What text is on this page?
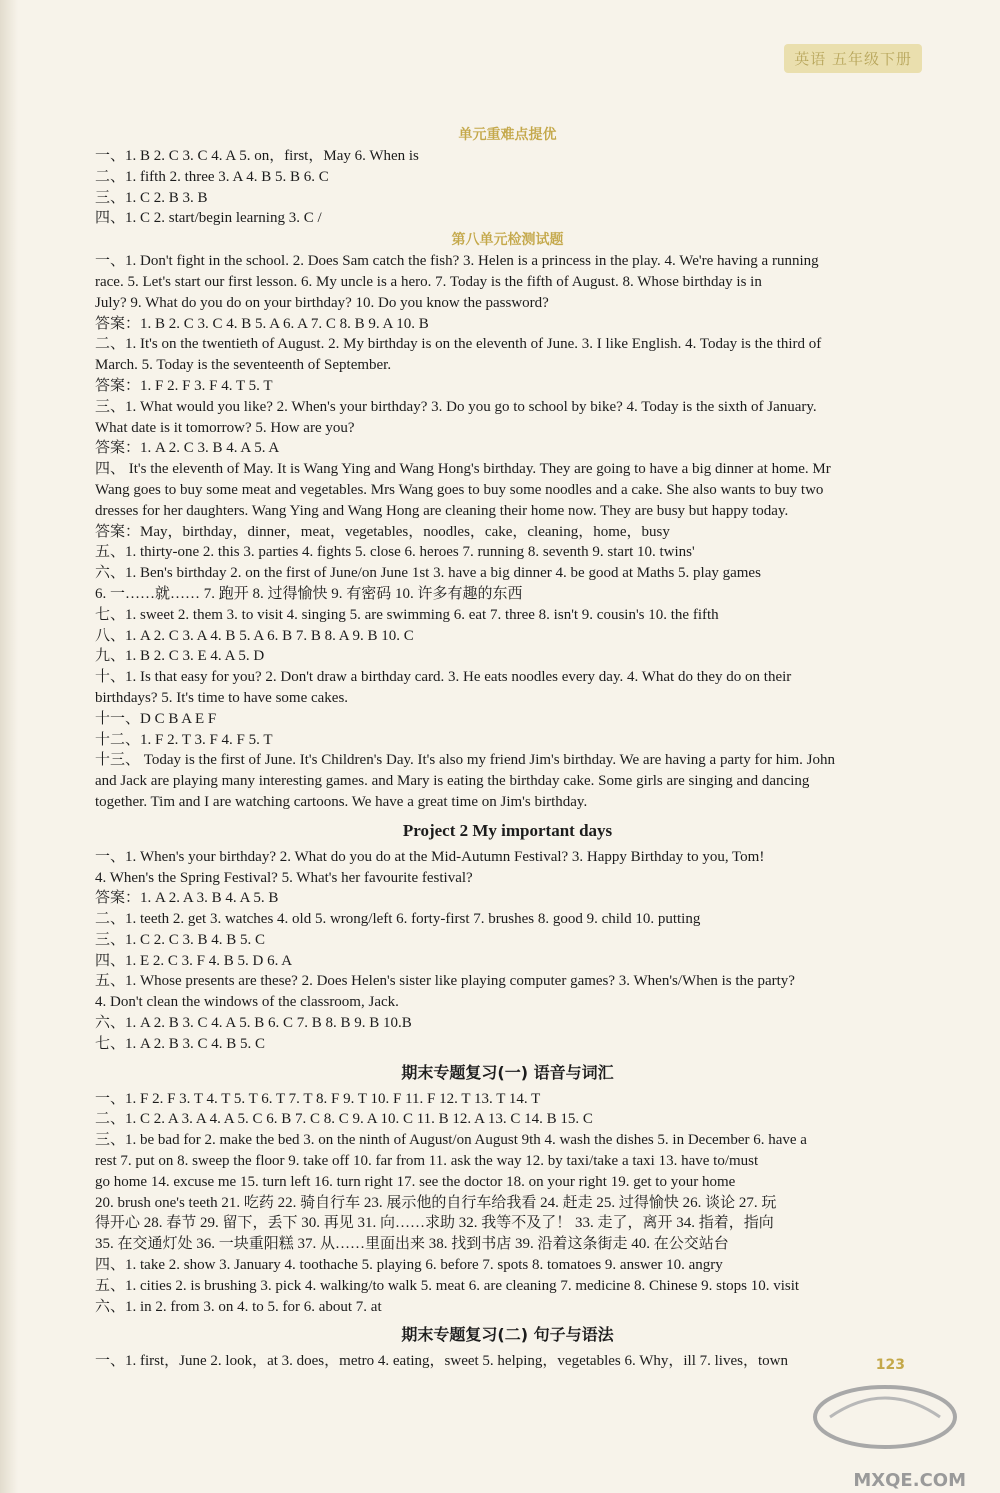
英语 五年级下册
单元重难点提优
一、1. B 2. C 3. C 4. A 5. on，first，May 6. When is
二、1. fifth 2. three 3. A 4. B 5. B 6. C
三、1. C 2. B 3. B
四、1. C 2. start/begin learning 3. C /
第八单元检测试题
一、1. Don't fight in the school. 2. Does Sam catch the fish? 3. Helen is a princess in the play. 4. We're having a running
race. 5. Let's start our first lesson. 6. My uncle is a hero. 7. Today is the fifth of August. 8. Whose birthday is in
July? 9. What do you do on your birthday? 10. Do you know the password?
答案：1. B 2. C 3. C 4. B 5. A 6. A 7. C 8. B 9. A 10. B
二、1. It's on the twentieth of August. 2. My birthday is on the eleventh of June. 3. I like English. 4. Today is the third of
March. 5. Today is the seventeenth of September.
答案：1. F 2. F 3. F 4. T 5. T
三、1. What would you like? 2. When's your birthday? 3. Do you go to school by bike? 4. Today is the sixth of January.
What date is it tomorrow? 5. How are you?
答案：1. A 2. C 3. B 4. A 5. A
四、 It's the eleventh of May. It is Wang Ying and Wang Hong's birthday. They are going to have a big dinner at home. Mr
Wang goes to buy some meat and vegetables. Mrs Wang goes to buy some noodles and a cake. She also wants to buy two
dresses for her daughters. Wang Ying and Wang Hong are cleaning their home now. They are busy but happy today.
答案：May，birthday，dinner，meat，vegetables，noodles，cake，cleaning，home，busy
五、1. thirty-one 2. this 3. parties 4. fights 5. close 6. heroes 7. running 8. seventh 9. start 10. twins'
六、1. Ben's birthday 2. on the first of June/on June 1st 3. have a big dinner 4. be good at Maths 5. play games
6. 一……就…… 7. 跑开 8. 过得愉快 9. 有密码 10. 许多有趣的东西
七、1. sweet 2. them 3. to visit 4. singing 5. are swimming 6. eat 7. three 8. isn't 9. cousin's 10. the fifth
八、1. A 2. C 3. A 4. B 5. A 6. B 7. B 8. A 9. B 10. C
九、1. B 2. C 3. E 4. A 5. D
十、1. Is that easy for you? 2. Don't draw a birthday card. 3. He eats noodles every day. 4. What do they do on their
birthdays? 5. It's time to have some cakes.
十一、D C B A E F
十二、1. F 2. T 3. F 4. F 5. T
十三、 Today is the first of June. It's Children's Day. It's also my friend Jim's birthday. We are having a party for him. John
and Jack are playing many interesting games. and Mary is eating the birthday cake. Some girls are singing and dancing
together. Tim and I are watching cartoons. We have a great time on Jim's birthday.
Project 2 My important days
一、1. When's your birthday? 2. What do you do at the Mid-Autumn Festival? 3. Happy Birthday to you, Tom!
4. When's the Spring Festival? 5. What's her favourite festival?
答案：1. A 2. A 3. B 4. A 5. B
二、1. teeth 2. get 3. watches 4. old 5. wrong/left 6. forty-first 7. brushes 8. good 9. child 10. putting
三、1. C 2. C 3. B 4. B 5. C
四、1. E 2. C 3. F 4. B 5. D 6. A
五、1. Whose presents are these? 2. Does Helen's sister like playing computer games? 3. When's/When is the party?
4. Don't clean the windows of the classroom, Jack.
六、1. A 2. B 3. C 4. A 5. B 6. C 7. B 8. B 9. B 10.B
七、1. A 2. B 3. C 4. B 5. C
期末专题复习(一) 语音与词汇
一、1. F 2. F 3. T 4. T 5. T 6. T 7. T 8. F 9. T 10. F 11. F 12. T 13. T 14. T
二、1. C 2. A 3. A 4. A 5. C 6. B 7. C 8. C 9. A 10. C 11. B 12. A 13. C 14. B 15. C
三、1. be bad for 2. make the bed 3. on the ninth of August/on August 9th 4. wash the dishes 5. in December 6. have a
rest 7. put on 8. sweep the floor 9. take off 10. far from 11. ask the way 12. by taxi/take a taxi 13. have to/must
go home 14. excuse me 15. turn left 16. turn right 17. see the doctor 18. on your right 19. get to your home
20. brush one's teeth 21. 吃药 22. 骑自行车 23. 展示他的自行车给我看 24. 赶走 25. 过得愉快 26. 谈论 27. 玩
得开心 28. 春节 29. 留下，丢下 30. 再见 31. 向……求助 32. 我等不及了！ 33. 走了，离开 34. 指着，指向
35. 在交通灯处 36. 一块重阳糕 37. 从……里面出来 38. 找到书店 39. 沿着这条街走 40. 在公交站台
四、1. take 2. show 3. January 4. toothache 5. playing 6. before 7. spots 8. tomatoes 9. answer 10. angry
五、1. cities 2. is brushing 3. pick 4. walking/to walk 5. meat 6. are cleaning 7. medicine 8. Chinese 9. stops 10. visit
六、1. in 2. from 3. on 4. to 5. for 6. about 7. at
期末专题复习(二) 句子与语法
一、1. first，June 2. look，at 3. does，metro 4. eating，sweet 5. helping，vegetables 6. Why，ill 7. lives，town	123
MXQE.COM
